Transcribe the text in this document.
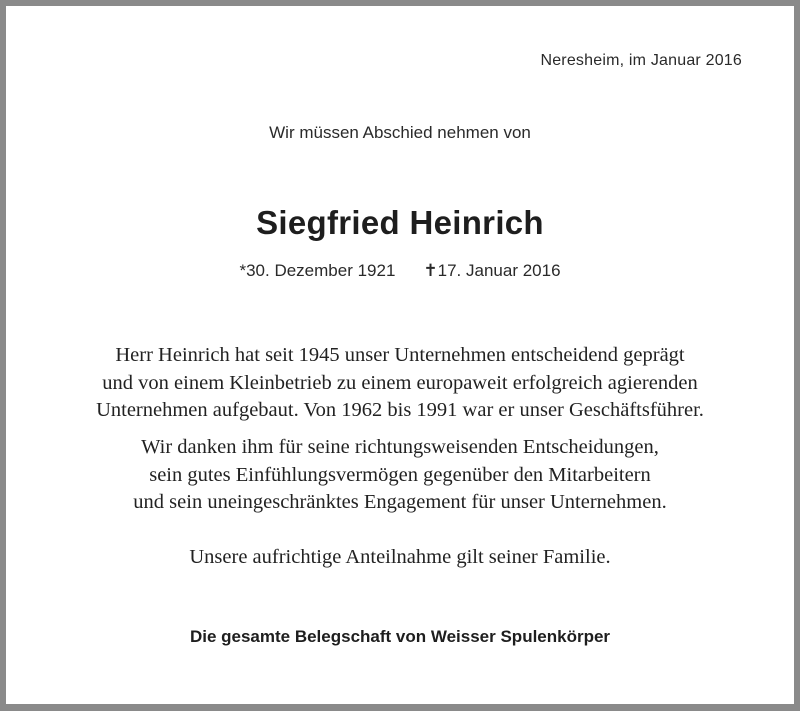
Neresheim, im Januar 2016
Wir müssen Abschied nehmen von
Siegfried Heinrich
*30. Dezember 1921 ✝17. Januar 2016
Herr Heinrich hat seit 1945 unser Unternehmen entscheidend geprägt
und von einem Kleinbetrieb zu einem europaweit erfolgreich agierenden
Unternehmen aufgebaut. Von 1962 bis 1991 war er unser Geschäftsführer.
Wir danken ihm für seine richtungsweisenden Entscheidungen,
sein gutes Einfühlungsvermögen gegenüber den Mitarbeitern
und sein uneingeschränktes Engagement für unser Unternehmen.
Unsere aufrichtige Anteilnahme gilt seiner Familie.
Die gesamte Belegschaft von Weisser Spulenkörper
